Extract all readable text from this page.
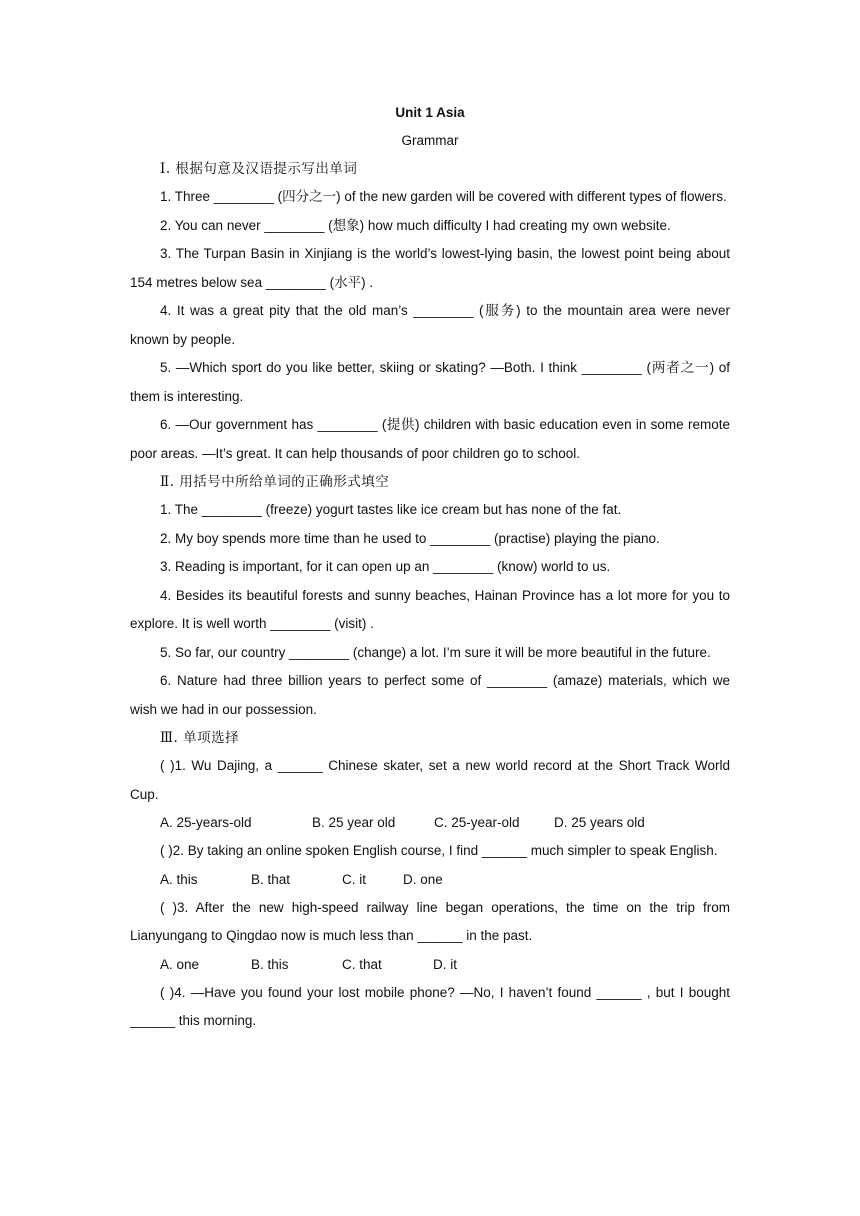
Unit 1 Asia
Grammar
Ⅰ. 根据句意及汉语提示写出单词

1. Three ________ (四分之一) of the new garden will be covered with different types of flowers.

2. You can never ________ (想象) how much difficulty I had creating my own website.

3. The Turpan Basin in Xinjiang is the world’s lowest-lying basin, the lowest point being about 154 metres below sea ________ (水平) .

4. It was a great pity that the old man’s ________ (服务) to the mountain area were never known by people.

5. —Which sport do you like better, skiing or skating? —Both. I think ________ (两者之一) of them is interesting.

6. —Our government has ________ (提供) children with basic education even in some remote poor areas. —It’s great. It can help thousands of poor children go to school.

Ⅱ. 用括号中所给单词的正确形式填空

1. The ________ (freeze) yogurt tastes like ice cream but has none of the fat.

2. My boy spends more time than he used to ________ (practise) playing the piano.

3. Reading is important, for it can open up an ________ (know) world to us.

4. Besides its beautiful forests and sunny beaches, Hainan Province has a lot more for you to explore. It is well worth ________ (visit) .

5. So far, our country ________ (change) a lot. I’m sure it will be more beautiful in the future.

6. Nature had three billion years to perfect some of ________ (amaze) materials, which we wish we had in our possession.

Ⅲ. 单项选择

( )1. Wu Dajing, a ______ Chinese skater, set a new world record at the Short Track World Cup.

A. 25-years-old	B. 25 year old	C. 25-year-old	D. 25 years old

( )2. By taking an online spoken English course, I find ______ much simpler to speak English.

A. this	B. that	C. it	D. one

( )3. After the new high-speed railway line began operations, the time on the trip from Lianyungang to Qingdao now is much less than ______ in the past.

A. one	B. this	C. that	D. it

( )4. —Have you found your lost mobile phone? —No, I haven’t found ______ , but I bought ______ this morning.
